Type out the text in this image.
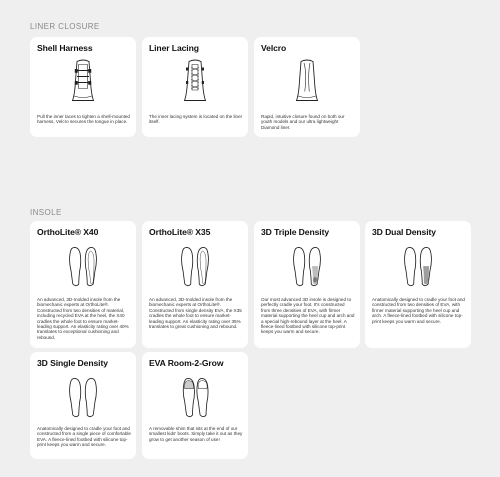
LINER CLOSURE
Shell Harness
Pull the inner laces to tighten a shell-mounted harness, Velcro secures the tongue in place.
Liner Lacing
The inner lacing system is located on the liner itself.
Velcro
Rapid, intuitive closure found on both our youth models and our ultra lightweight Diamond liner.
INSOLE
OrthoLite® X40
An advanced, 3D-molded insole from the biomechanic experts at OrthoLite®. Constructed from two densities of material, including recycled EVA at the heel, the X40 cradles the whole foot to ensure market-leading support. An elasticity rating over 40% translates to exceptional cushioning and rebound.
OrthoLite® X35
An advanced, 3D-molded insole from the biomechanic experts at OrthoLite®. Constructed from single density EVA, the X35 cradles the whole foot to ensure market-leading support. An elasticity rating over 35% translates to great cushioning and rebound.
3D Triple Density
Our most advanced 3D insole is designed to perfectly cradle your foot. It's constructed from three densities of EVA, with firmer material supporting the heel cup and arch and a special high-rebound layer at the heel. A fleece-lined footbed with silicone top-print keeps you warm and secure.
3D Dual Density
Anatomically designed to cradle your foot and constructed from two densities of EVA, with firmer material supporting the heel cup and arch. A fleece-lined footbed with silicone top-print keeps you warm and secure.
3D Single Density
Anatomically designed to cradle your foot and constructed from a single piece of comfortable EVA. A fleece-lined footbed with silicone top-print keeps you warm and secure.
EVA Room-2-Grow
A removable shim that sits at the end of our smallest kids' boots. Simply take it out as they grow to get another season of use!
